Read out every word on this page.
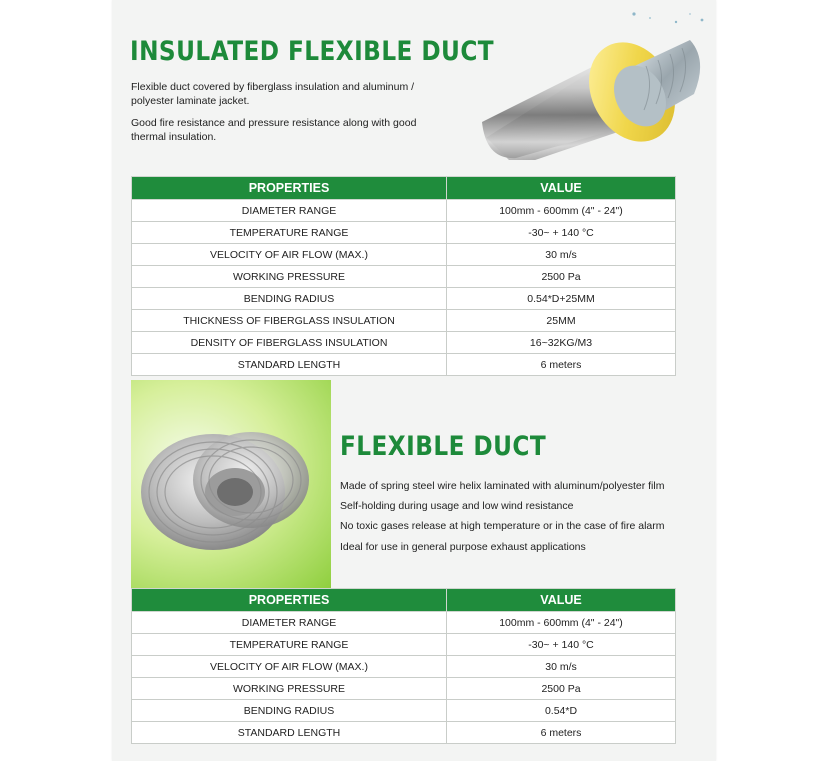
INSULATED FLEXIBLE DUCT

Flexible duct covered by fiberglass insulation and aluminum / polyester laminate jacket.

Good fire resistance and pressure resistance along with good thermal insulation.

PROPERTIES	VALUE
DIAMETER RANGE	100mm - 600mm (4" - 24")
TEMPERATURE RANGE	-30~ + 140 °C
VELOCITY OF AIR FLOW (MAX.)	30 m/s
WORKING PRESSURE	2500 Pa
BENDING RADIUS	0.54*D+25MM
THICKNESS OF FIBERGLASS INSULATION	25MM
DENSITY OF FIBERGLASS INSULATION	16~32KG/M3
STANDARD LENGTH	6 meters
FLEXIBLE DUCT
Made of spring steel wire helix laminated with aluminum/polyester film
Self-holding during usage and low wind resistance
No toxic gases release at high temperature or in the case of fire alarm
Ideal for use in general purpose exhaust applications
PROPERTIES	VALUE
DIAMETER RANGE	100mm - 600mm (4" - 24")
TEMPERATURE RANGE	-30~ + 140 °C
VELOCITY OF AIR FLOW (MAX.)	30 m/s
WORKING PRESSURE	2500 Pa
BENDING RADIUS	0.54*D
STANDARD LENGTH	6 meters
